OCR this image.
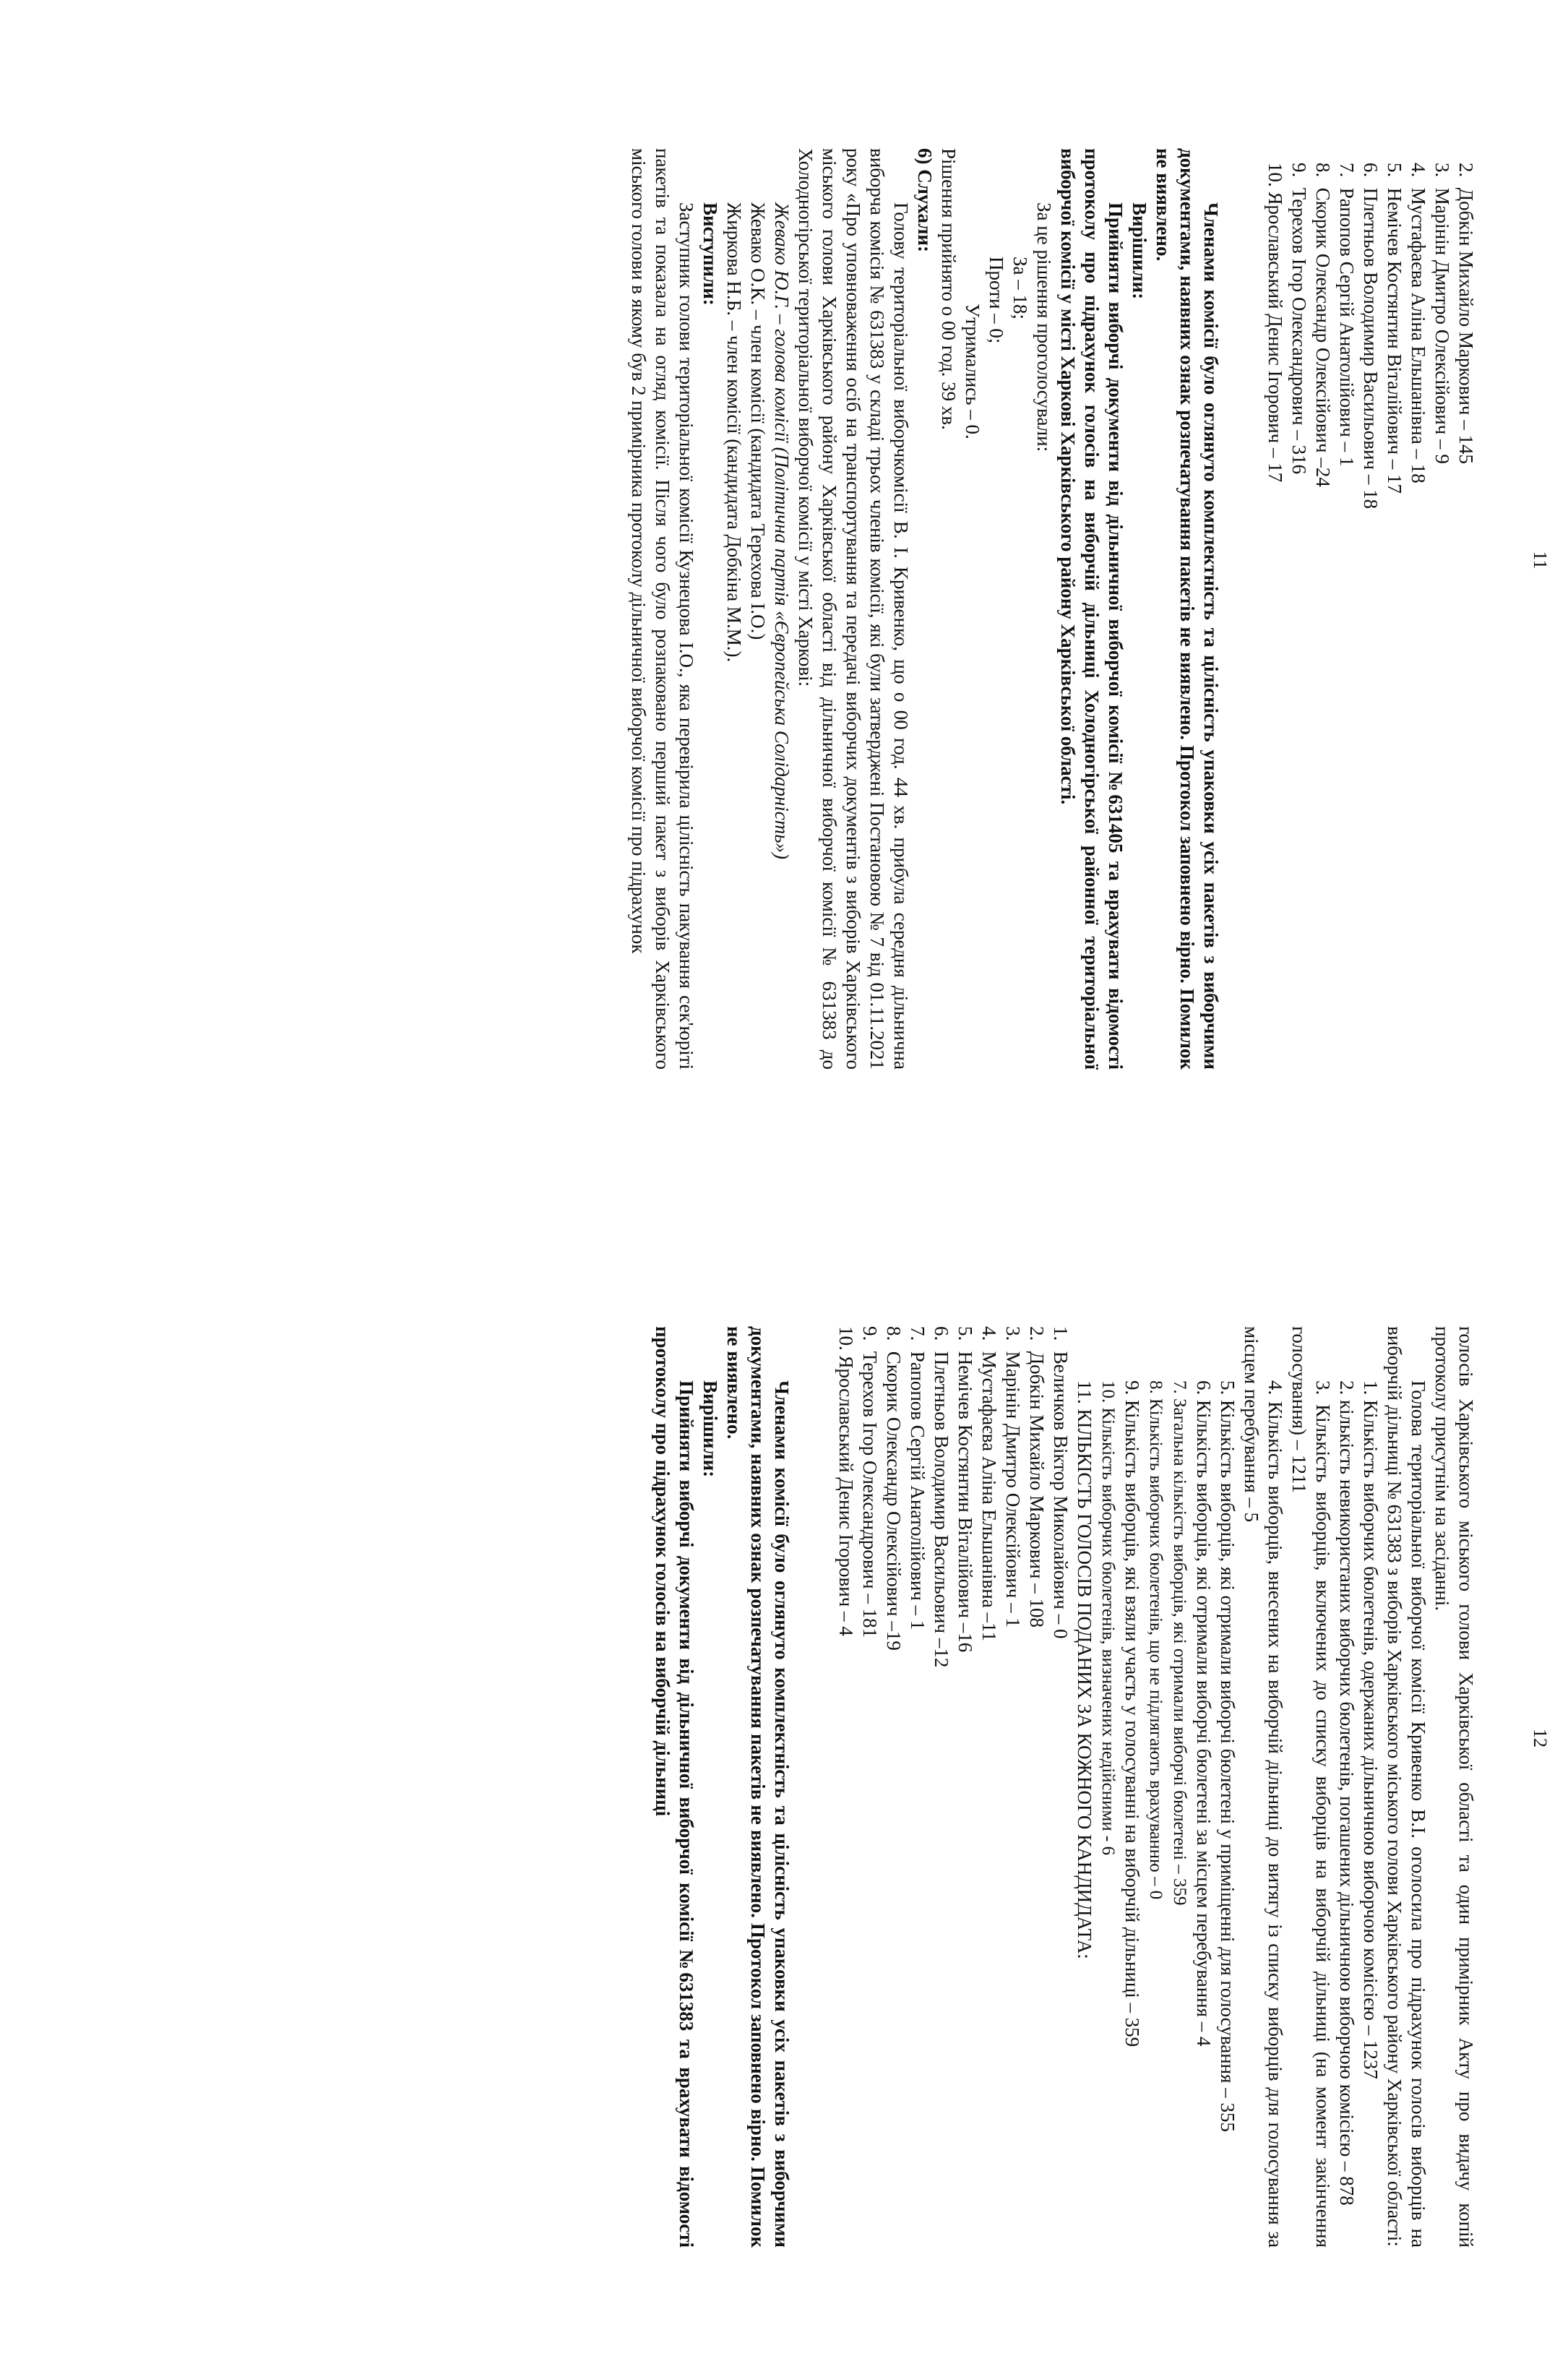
11
2. Добкін Михайло Маркович – 145
3. Марінін Дмитро Олексійович – 9
4. Мустафаєва Аліна Ельшанівна – 18
5. Немічев Костянтин Віталійович – 17
6. Плетньов Володимир Васильович – 18
7. Рапопов Сергій Анатолійович – 1
8. Скорик Олександр Олексійович –24
9. Терехов Ігор Олександрович – 316
10. Ярославський Денис Ігорович – 17

Членами комісії було оглянуто комплектність та цілісність упаковки усіх пакетів з виборчими документами, наявних ознак розпечатування пакетів не виявлено. Протокол заповнено вірно. Помилок не виявлено.

Вирішили:

Прийняти виборчі документи від дільничної виборчої комісії №631405 та врахувати відомості протоколу про підрахунок голосів на виборчій дільниці Холодногірської районної територіальної виборчої комісії у місті Харкові Харківського району Харківської області.

За це рішення проголосували:

За – 18;

Проти – 0;

Утримались – 0.

Рішення прийнято о 00 год. 39 хв.

6) Слухали:

Голову територіальної виборчкомісії В. І. Кривенко, що о 00 год. 44 хв. прибула середня дільнична виборча комісія № 631383 у складі трьох членів комісії, які були затверджені Постановою № 7 від 01.11.2021 року «Про уповноваження осіб на транспортування та передачі виборчих документів з виборів Харківського міського голови Харківського району Харківської області від дільничної виборчої комісії № 631383 до Холодногірської територіальної виборчої комісії у місті Харкові:

Жевако Ю.Г. – голова комісії (Політична партія «Європейська Солідарність»)

Жевако О.К. – член комісії (кандидата Терехова І.О.)

Жиркова Н.Б. – член комісії (кандидата Добкіна М.М.).

Виступили:

Заступник голови територіальної комісії Кузнецова І.О., яка перевірила цілісність пакування сек'юріті пакетів та показала на огляд комісії. Після чого було розпаковано перший пакет з виборів Харківського міського голови в якому був 2 примірника протоколу дільничної виборчої комісії про підрахунок

12

голосів Харківського міського голови Харківської області та один примірник Акту про видачу копій протоколу присутнім на засіданні.

Голова територіальної виборчої комісії Кривенко В.І. оголосила про підрахунок голосів виборців на виборчій дільниці № 631383 з виборів Харківського міського голови Харківського району Харківської області:

1. Кількість виборчих бюлетенів, одержаних дільничною виборчою комісією – 1237

2. кількість невикористаних виборчих бюлетенів, погашених дільничною виборчою комісією – 878

3. Кількість виборців, включених до списку виборців на виборчій дільниці (на момент закінчення голосування) – 1211

4. Кількість виборців, внесених на виборчій дільниці до витягу із списку виборців для голосування за місцем перебування – 5

5. Кількість виборців, які отримали виборчі бюлетені у приміщенні для голосування – 355

6. Кількість виборців, які отримали виборчі бюлетені за місцем перебування – 4

7. Загальна кількість виборців, які отримали виборчі бюлетені – 359

8. Кількість виборчих бюлетенів, що не підлягають врахуванню – 0

9. Кількість виборців, які взяли участь у голосуванні на виборчій дільниці – 359

10. Кількість виборчих бюлетенів, визначених недійсними - 6

11. КІЛЬКІСТЬ ГОЛОСІВ ПОДАНИХ ЗА КОЖНОГО КАНДИДАТА:

1. Величков Віктор Миколайович – 0
2. Добкін Михайло Маркович – 108
3. Марінін Дмитро Олексійович – 1
4. Мустафаєва Аліна Ельшанівна –11
5. Немічев Костянтин Віталійович –16
6. Плетньов Володимир Васильович –12
7. Рапопов Сергій Анатолійович – 1
8. Скорик Олександр Олексійович –19
9. Терехов Ігор Олександрович – 181
10. Ярославський Денис Ігорович – 4

Членами комісії було оглянуто комплектність та цілісність упаковки усіх пакетів з виборчими документами, наявних ознак розпечатування пакетів не виявлено. Протокол заповнено вірно. Помилок не виявлено.

Вирішили:

Прийняти виборчі документи від дільничної виборчої комісії №631383 та врахувати відомості протоколу про підрахунок голосів на виборчій дільниці
